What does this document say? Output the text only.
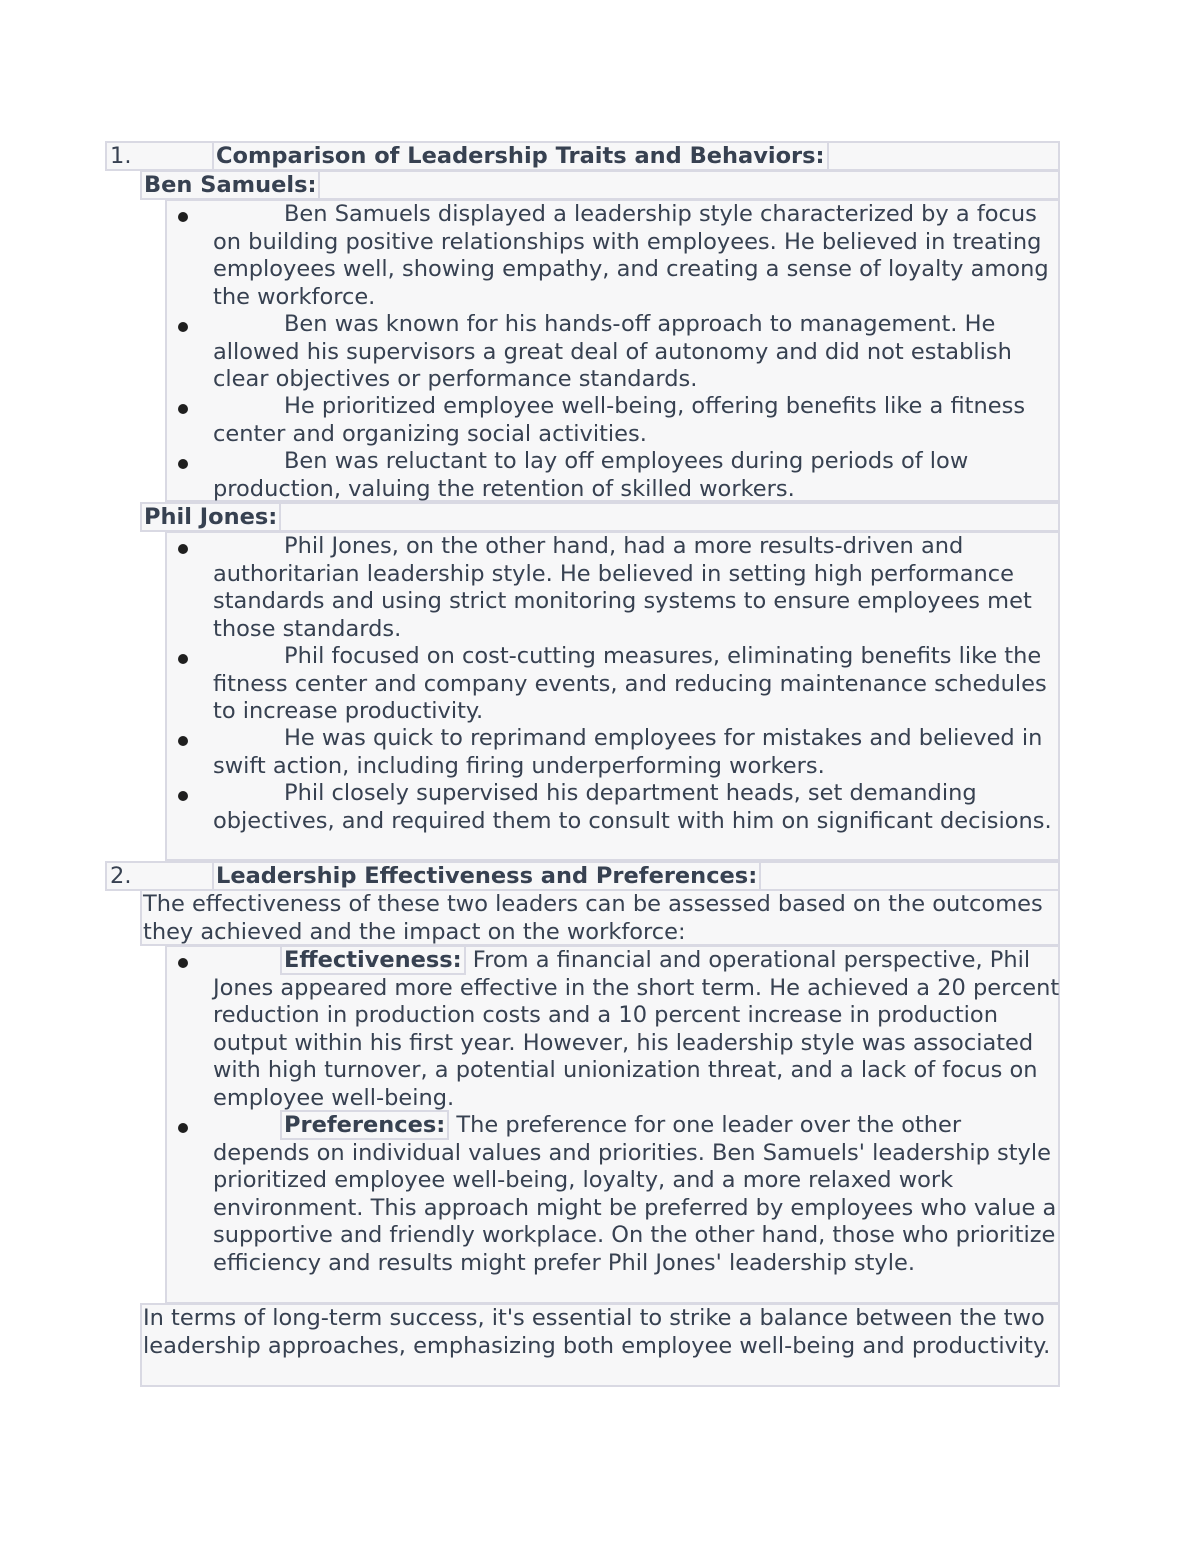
1.	Comparison of Leadership Traits and Behaviors:
Ben Samuels:
Ben Samuels displayed a leadership style characterized by a focus on building positive relationships with employees. He believed in treating employees well, showing empathy, and creating a sense of loyalty among the workforce.
Ben was known for his hands-off approach to management. He allowed his supervisors a great deal of autonomy and did not establish clear objectives or performance standards.
He prioritized employee well-being, offering benefits like a fitness center and organizing social activities.
Ben was reluctant to lay off employees during periods of low production, valuing the retention of skilled workers.
Phil Jones:
Phil Jones, on the other hand, had a more results-driven and authoritarian leadership style. He believed in setting high performance standards and using strict monitoring systems to ensure employees met those standards.
Phil focused on cost-cutting measures, eliminating benefits like the fitness center and company events, and reducing maintenance schedules to increase productivity.
He was quick to reprimand employees for mistakes and believed in swift action, including firing underperforming workers.
Phil closely supervised his department heads, set demanding objectives, and required them to consult with him on significant decisions.
2.	Leadership Effectiveness and Preferences:
The effectiveness of these two leaders can be assessed based on the outcomes they achieved and the impact on the workforce:
Effectiveness: From a financial and operational perspective, Phil Jones appeared more effective in the short term. He achieved a 20 percent reduction in production costs and a 10 percent increase in production output within his first year. However, his leadership style was associated with high turnover, a potential unionization threat, and a lack of focus on employee well-being.
Preferences: The preference for one leader over the other depends on individual values and priorities. Ben Samuels' leadership style prioritized employee well-being, loyalty, and a more relaxed work environment. This approach might be preferred by employees who value a supportive and friendly workplace. On the other hand, those who prioritize efficiency and results might prefer Phil Jones' leadership style.
In terms of long-term success, it's essential to strike a balance between the two leadership approaches, emphasizing both employee well-being and productivity.
